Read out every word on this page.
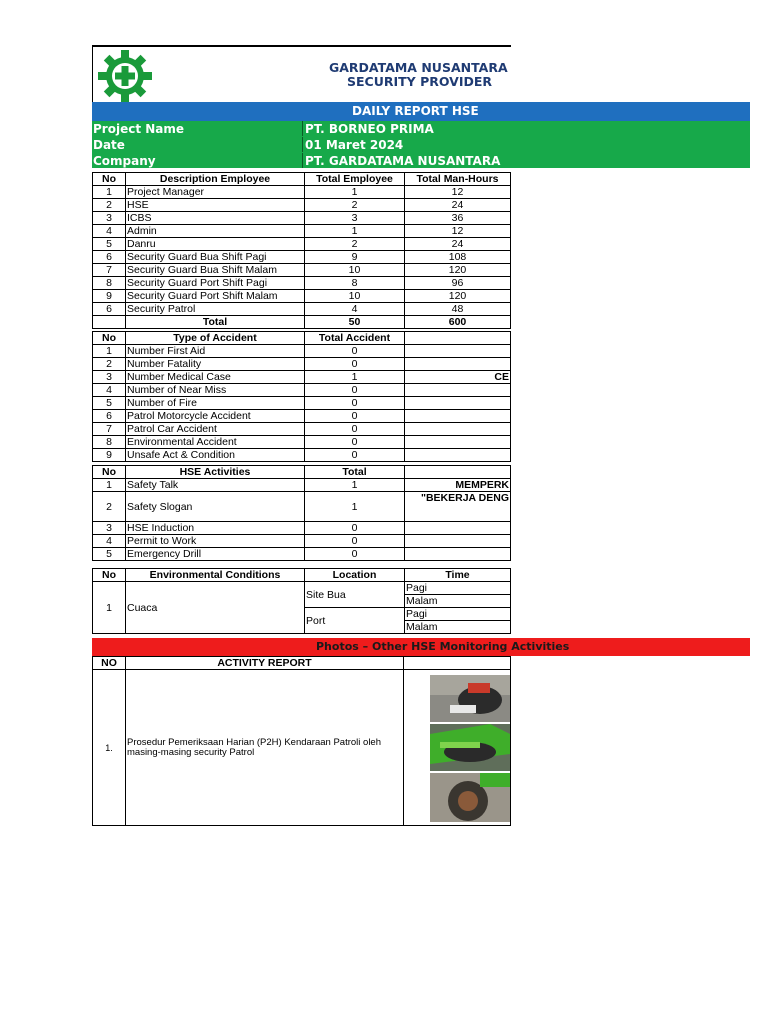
GARDATAMA NUSANTARA
SECURITY PROVIDER
DAILY REPORT HSE
Project Name	PT. BORNEO PRIMA
Date	01 Maret 2024
Company	PT. GARDATAMA NUSANTARA
No	Description Employee	Total Employee	Total Man-Hours
1	Project Manager	1	12
2	HSE	2	24
3	ICBS	3	36
4	Admin	1	12
5	Danru	2	24
6	Security Guard Bua Shift Pagi	9	108
7	Security Guard Bua Shift Malam	10	120
8	Security Guard Port Shift Pagi	8	96
9	Security Guard Port Shift Malam	10	120
6	Security Patrol	4	48
	Total	50	600
No	Type of Accident	Total Accident	
1	Number First Aid	0	
2	Number Fatality	0	
3	Number Medical Case	1	CE
4	Number of Near Miss	0	
5	Number of Fire	0	
6	Patrol Motorcycle Accident	0	
7	Patrol Car Accident	0	
8	Environmental Accident	0	
9	Unsafe Act & Condition	0	
No	HSE Activities	Total	
1	Safety Talk	1	MEMPERK
2	Safety Slogan	1	"BEKERJA DENG
3	HSE Induction	0	
4	Permit to Work	0	
5	Emergency Drill	0	
No	Environmental Conditions	Location	Time
1	Cuaca	Site Bua	Pagi
			Malam
		Port	Pagi
			Malam
Photos – Other HSE Monitoring Activities
NO	ACTIVITY REPORT	
1.	Prosedur Pemeriksaan Harian (P2H) Kendaraan Patroli oleh masing-masing security Patrol	
